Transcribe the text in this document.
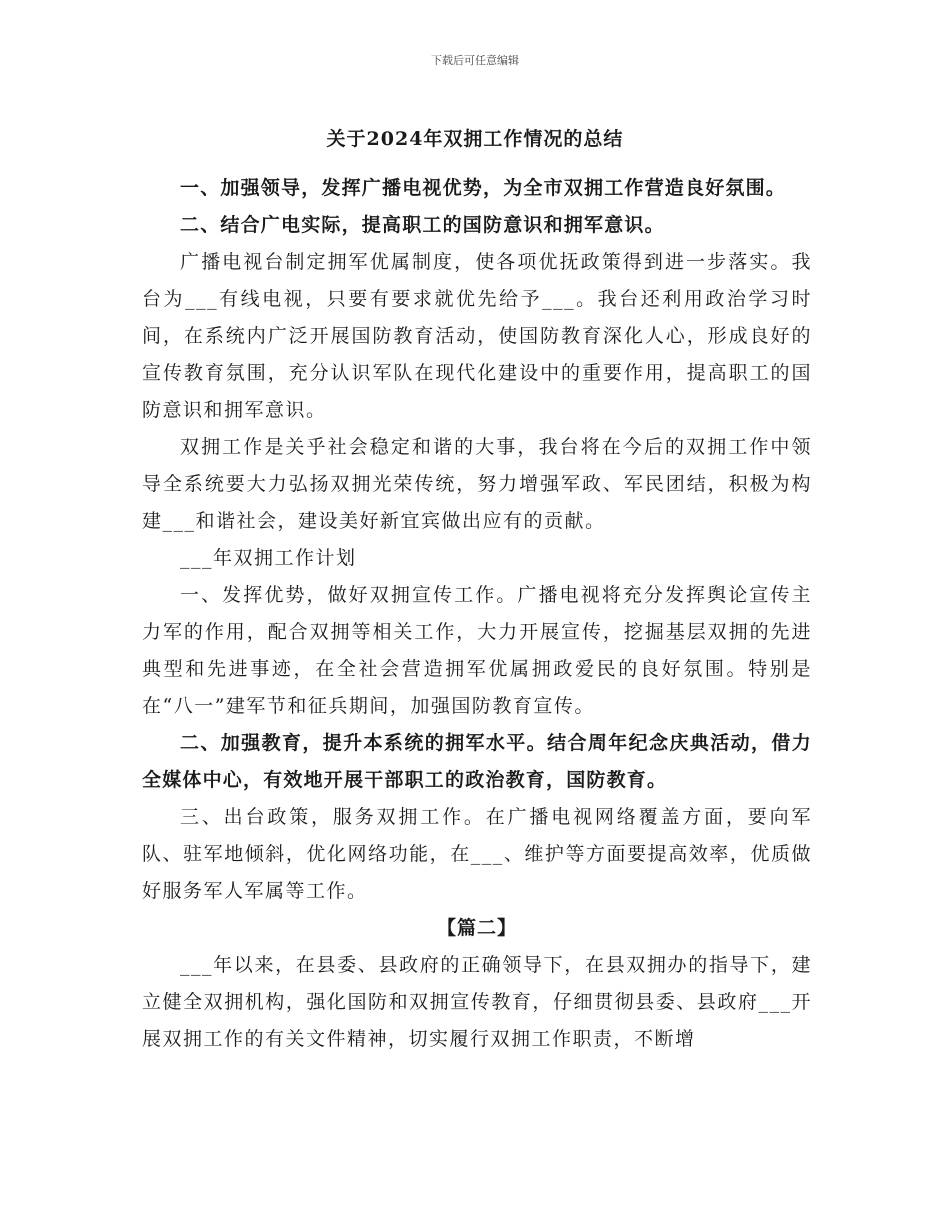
下载后可任意编辑
关于2024年双拥工作情况的总结

一、加强领导，发挥广播电视优势，为全市双拥工作营造良好氛围。

二、结合广电实际，提高职工的国防意识和拥军意识。

广播电视台制定拥军优属制度，使各项优抚政策得到进一步落实。我台为___有线电视，只要有要求就优先给予___。我台还利用政治学习时间，在系统内广泛开展国防教育活动，使国防教育深化人心，形成良好的宣传教育氛围，充分认识军队在现代化建设中的重要作用，提高职工的国防意识和拥军意识。

双拥工作是关乎社会稳定和谐的大事，我台将在今后的双拥工作中领导全系统要大力弘扬双拥光荣传统，努力增强军政、军民团结，积极为构建___和谐社会，建设美好新宜宾做出应有的贡献。

___年双拥工作计划

一、发挥优势，做好双拥宣传工作。广播电视将充分发挥舆论宣传主力军的作用，配合双拥等相关工作，大力开展宣传，挖掘基层双拥的先进典型和先进事迹，在全社会营造拥军优属拥政爱民的良好氛围。特别是在“八一”建军节和征兵期间，加强国防教育宣传。

二、加强教育，提升本系统的拥军水平。结合周年纪念庆典活动，借力全媒体中心，有效地开展干部职工的政治教育，国防教育。

三、出台政策，服务双拥工作。在广播电视网络覆盖方面，要向军队、驻军地倾斜，优化网络功能，在___、维护等方面要提高效率，优质做好服务军人军属等工作。

【篇二】

___年以来，在县委、县政府的正确领导下，在县双拥办的指导下，建立健全双拥机构，强化国防和双拥宣传教育，仔细贯彻县委、县政府___开展双拥工作的有关文件精神，切实履行双拥工作职责，不断增
